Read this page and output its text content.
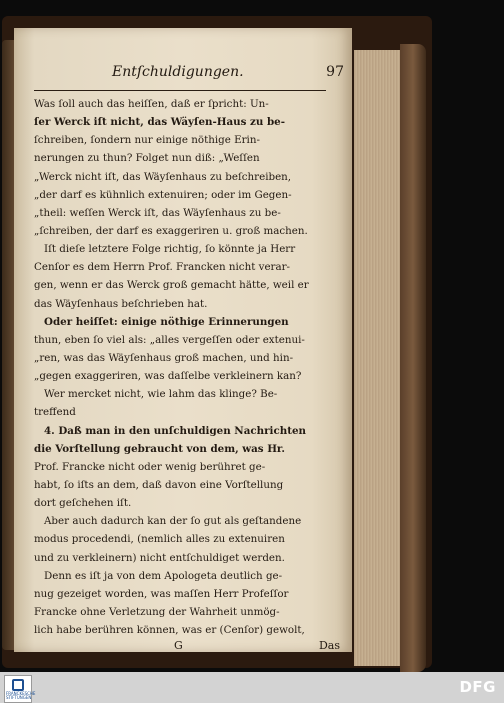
Entſchuldigungen.	97
Was ſoll auch das heiſſen, daß er ſpricht: Un-
ſer Werck iſt nicht, das Wäyſen-Haus zu be-
ſchreiben, ſondern nur einige nöthige Erin-
nerungen zu thun? Folget nun diß: „Weſſen
„Werck nicht iſt, das Wäyſenhaus zu beſchreiben,
„der darf es kühnlich extenuiren; oder im Gegen-
„theil: weſſen Werck iſt, das Wäyſenhaus zu be-
„ſchreiben, der darf es exaggeriren u. groß machen.
Iſt dieſe letztere Folge richtig, ſo könnte ja Herr
Cenſor es dem Herrn Prof. Francken nicht verar-
gen, wenn er das Werck groß gemacht hätte, weil er
das Wäyſenhaus beſchrieben hat.
Oder heiſſet: einige nöthige Erinnerungen
thun, eben ſo viel als: „alles vergeſſen oder extenui-
„ren, was das Wäyſenhaus groß machen, und hin-
„gegen exaggeriren, was daſſelbe verkleinern kan?
Wer mercket nicht, wie lahm das klinge? Be-
treffend
4. Daß man in den unſchuldigen Nachrichten
die Vorſtellung gebraucht von dem, was Hr.
Prof. Francke nicht oder wenig berühret ge-
habt, ſo iſts an dem, daß davon eine Vorſtellung
dort geſchehen iſt.
Aber auch dadurch kan der ſo gut als geſtandene
modus procedendi, (nemlich alles zu extenuiren
und zu verkleinern) nicht entſchuldiget werden.
Denn es iſt ja von dem Apologeta deutlich ge-
nug gezeiget worden, was maſſen Herr Profeſſor
Francke ohne Verletzung der Wahrheit unmög-
lich habe berühren können, was er (Cenſor) gewolt,
G	Das
FRANCKESCHE STIFTUNGEN
DFG
